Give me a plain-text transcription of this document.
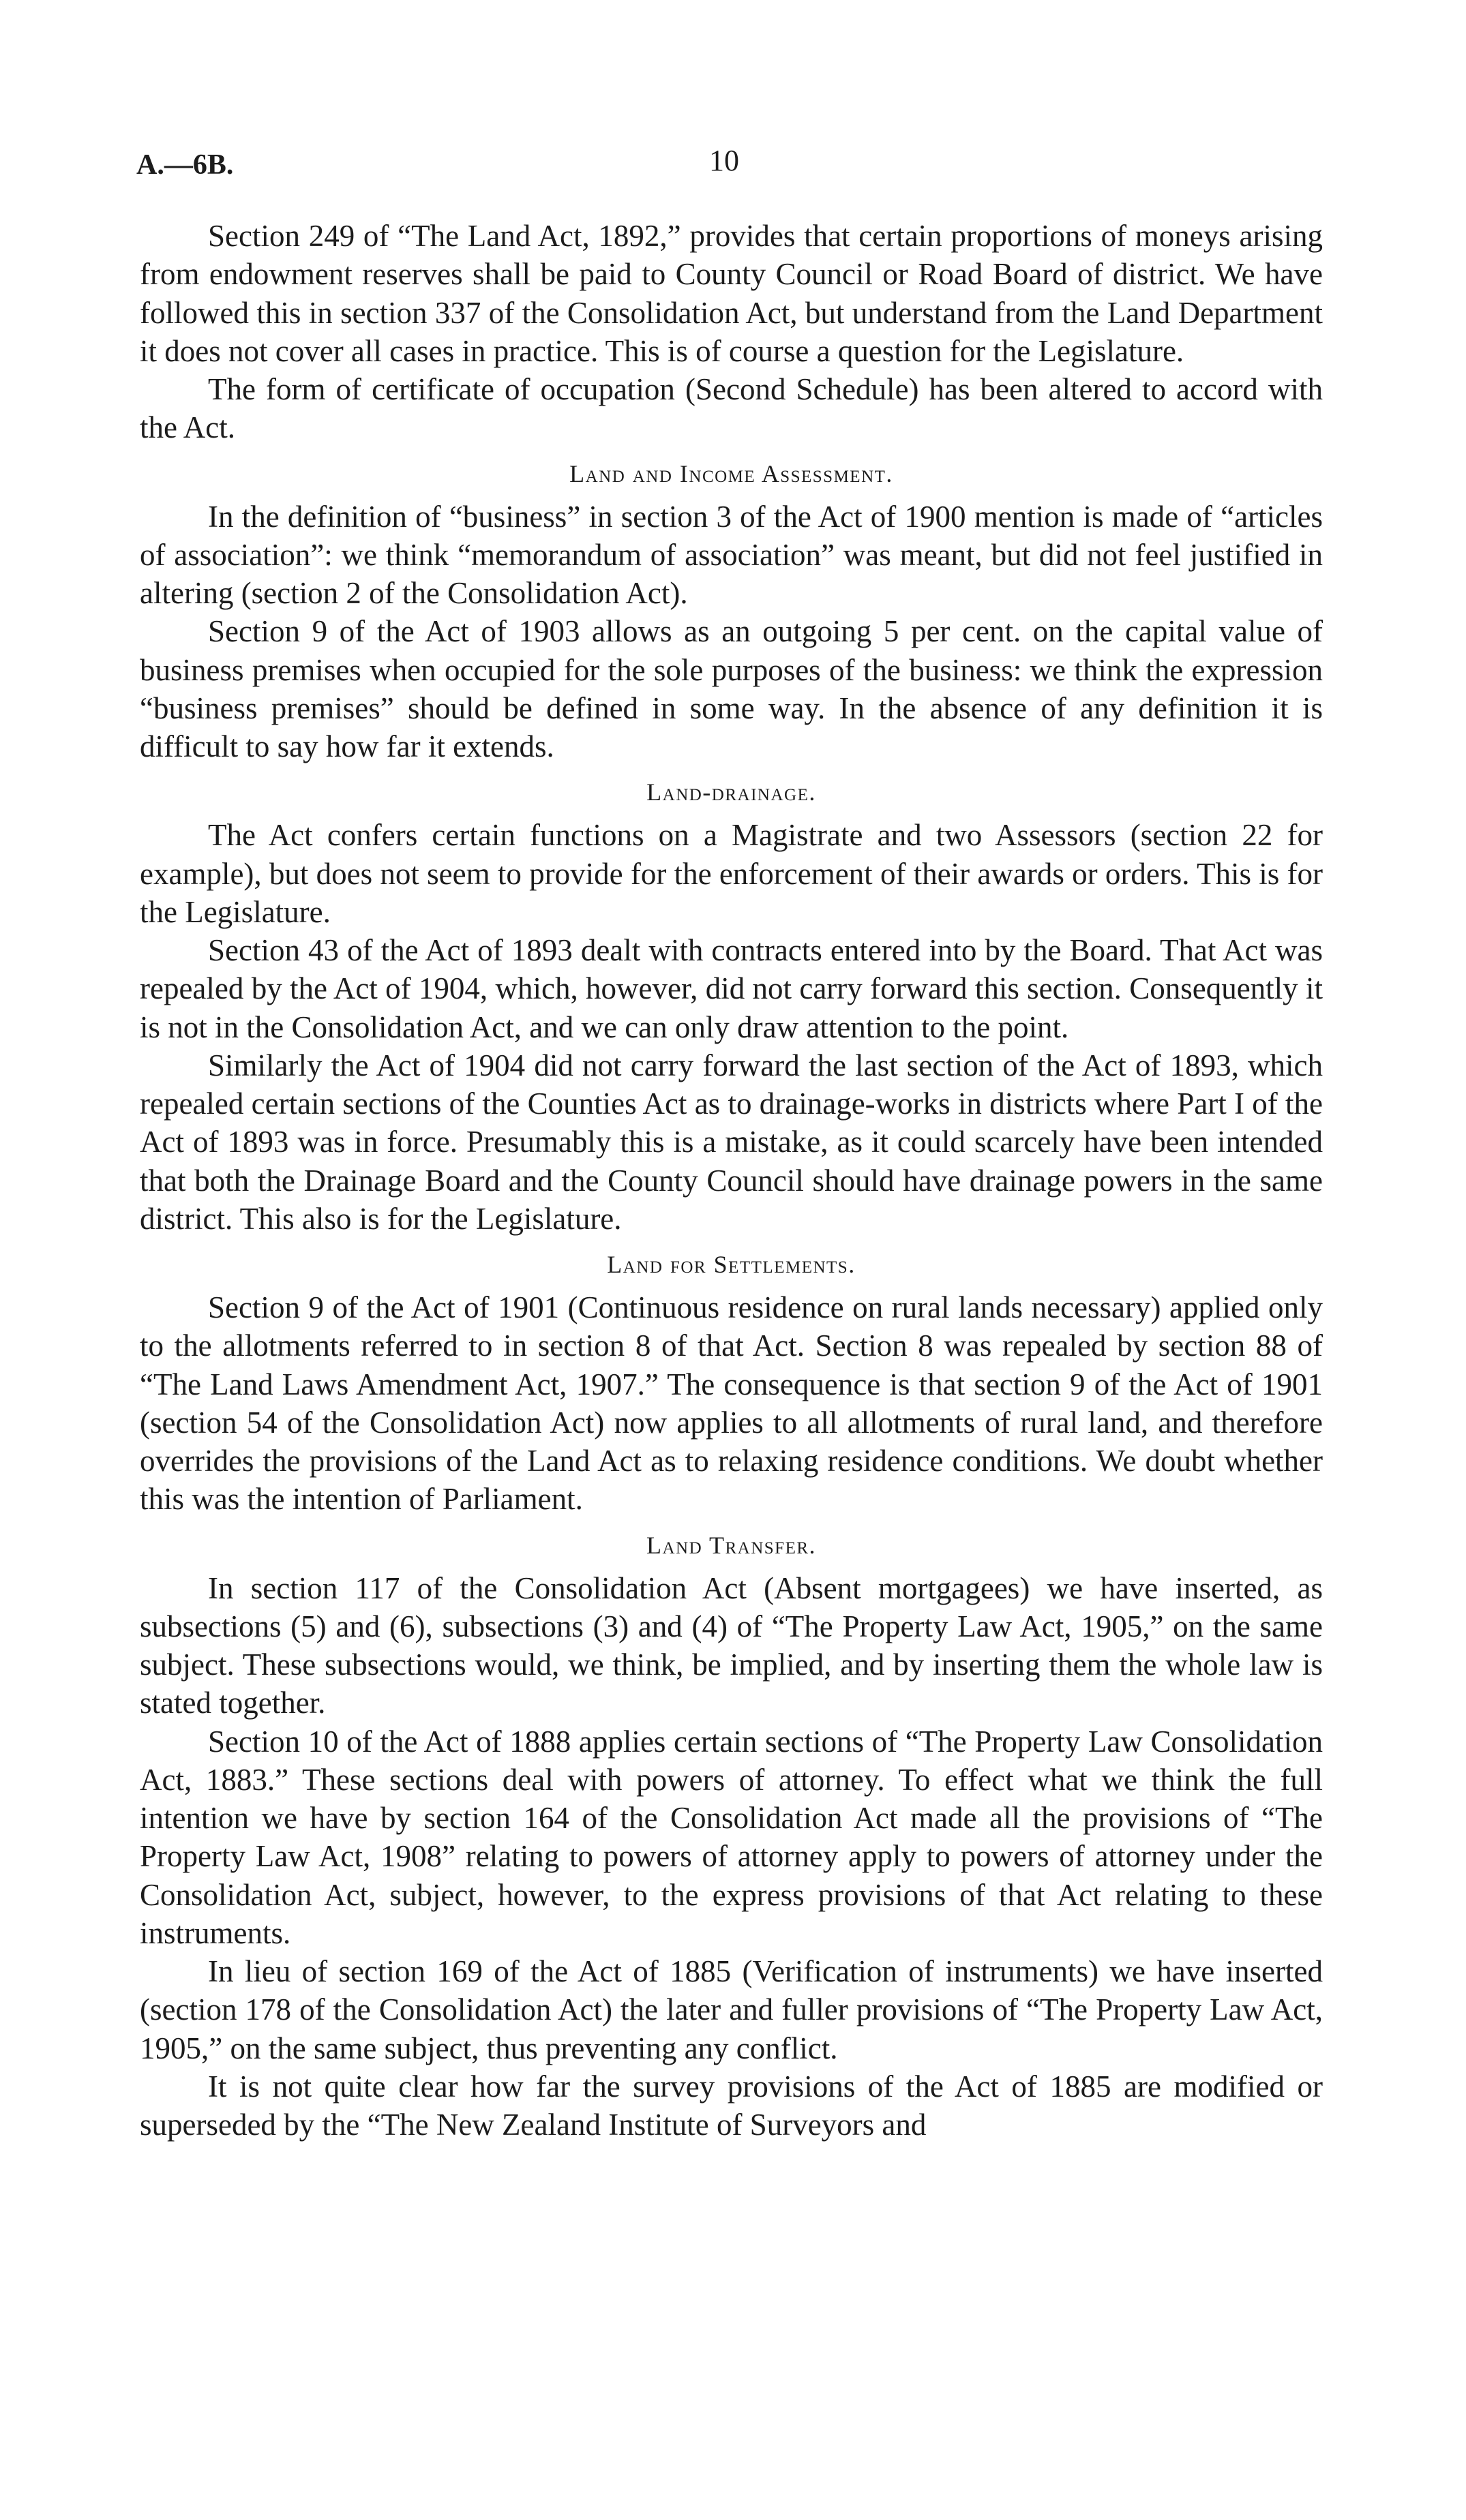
A.—6B.	10

Section 249 of “The Land Act, 1892,” provides that certain proportions of moneys arising from endowment reserves shall be paid to County Council or Road Board of district. We have followed this in section 337 of the Consolidation Act, but understand from the Land Department it does not cover all cases in practice. This is of course a question for the Legislature.

The form of certificate of occupation (Second Schedule) has been altered to accord with the Act.

Land and Income Assessment.

In the definition of “business” in section 3 of the Act of 1900 mention is made of “articles of association”: we think “memorandum of association” was meant, but did not feel justified in altering (section 2 of the Consolidation Act).

Section 9 of the Act of 1903 allows as an outgoing 5 per cent. on the capital value of business premises when occupied for the sole purposes of the business: we think the expression “business premises” should be defined in some way. In the absence of any definition it is difficult to say how far it extends.

Land-drainage.

The Act confers certain functions on a Magistrate and two Assessors (section 22 for example), but does not seem to provide for the enforcement of their awards or orders. This is for the Legislature.

Section 43 of the Act of 1893 dealt with contracts entered into by the Board. That Act was repealed by the Act of 1904, which, however, did not carry forward this section. Consequently it is not in the Consolidation Act, and we can only draw attention to the point.

Similarly the Act of 1904 did not carry forward the last section of the Act of 1893, which repealed certain sections of the Counties Act as to drainage-works in districts where Part I of the Act of 1893 was in force. Presumably this is a mistake, as it could scarcely have been intended that both the Drainage Board and the County Council should have drainage powers in the same district. This also is for the Legislature.

Land for Settlements.

Section 9 of the Act of 1901 (Continuous residence on rural lands necessary) applied only to the allotments referred to in section 8 of that Act. Section 8 was repealed by section 88 of “The Land Laws Amendment Act, 1907.” The consequence is that section 9 of the Act of 1901 (section 54 of the Consolidation Act) now applies to all allotments of rural land, and therefore overrides the provisions of the Land Act as to relaxing residence conditions. We doubt whether this was the intention of Parliament.

Land Transfer.

In section 117 of the Consolidation Act (Absent mortgagees) we have inserted, as subsections (5) and (6), subsections (3) and (4) of “The Property Law Act, 1905,” on the same subject. These subsections would, we think, be implied, and by inserting them the whole law is stated together.

Section 10 of the Act of 1888 applies certain sections of “The Property Law Consolidation Act, 1883.” These sections deal with powers of attorney. To effect what we think the full intention we have by section 164 of the Consolidation Act made all the provisions of “The Property Law Act, 1908” relating to powers of attorney apply to powers of attorney under the Consolidation Act, subject, however, to the express provisions of that Act relating to these instruments.

In lieu of section 169 of the Act of 1885 (Verification of instruments) we have inserted (section 178 of the Consolidation Act) the later and fuller provisions of “The Property Law Act, 1905,” on the same subject, thus preventing any conflict.

It is not quite clear how far the survey provisions of the Act of 1885 are modified or superseded by the “The New Zealand Institute of Surveyors and
